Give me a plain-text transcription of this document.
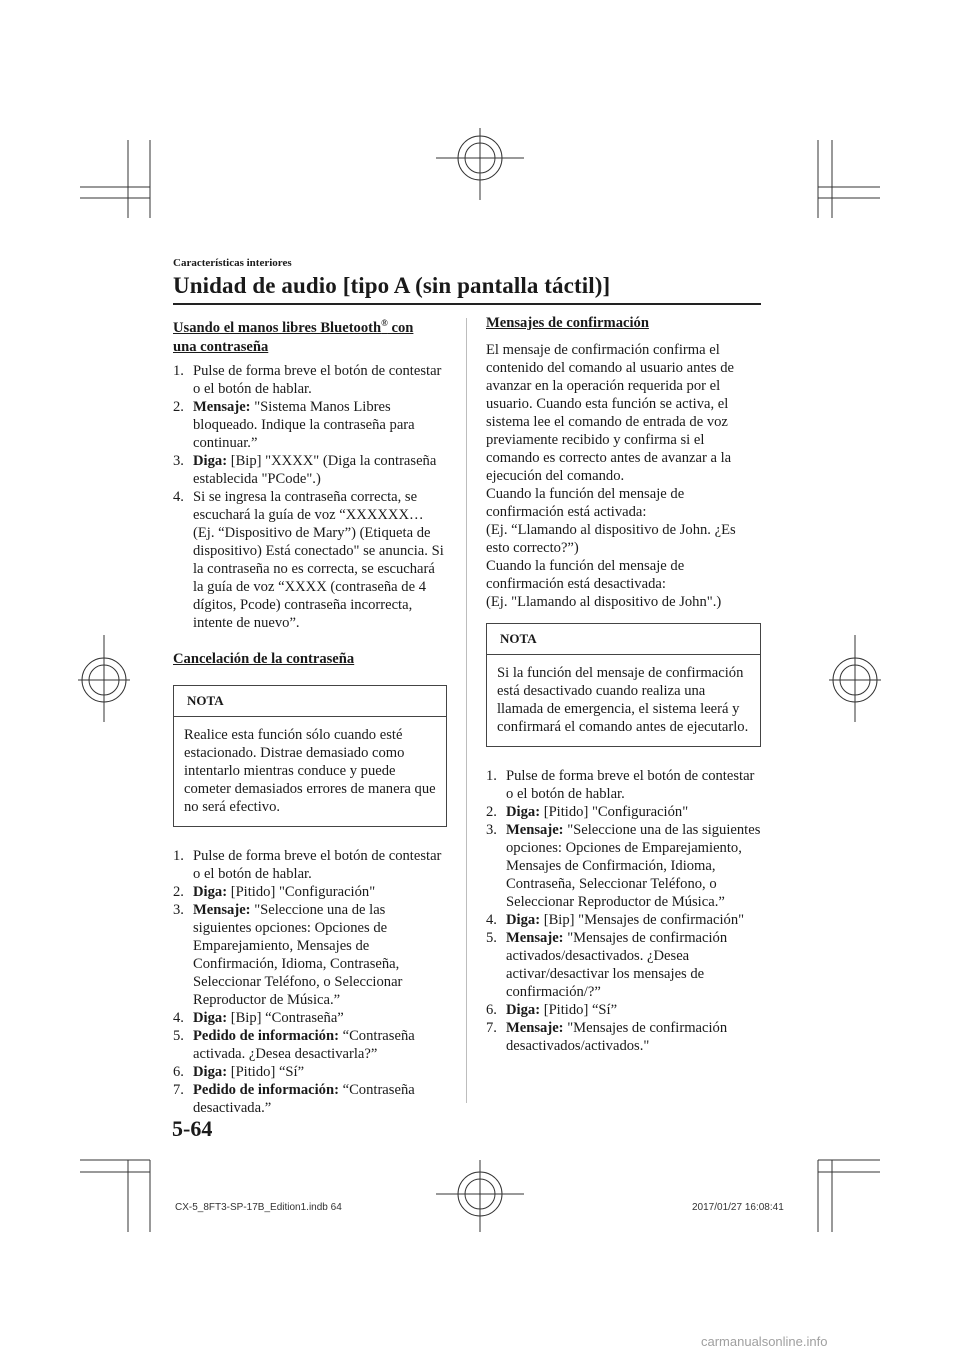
Características interiores
Unidad de audio [tipo A (sin pantalla táctil)]
Usando el manos libres Bluetooth® con
una contraseña
1. Pulse de forma breve el botón de contestar o el botón de hablar.
2. Mensaje: "Sistema Manos Libres bloqueado. Indique la contraseña para continuar.”
3. Diga: [Bip] "XXXX" (Diga la contraseña establecida "PCode".)
4. Si se ingresa la contraseña correcta, se escuchará la guía de voz “XXXXXX… (Ej. “Dispositivo de Mary”) (Etiqueta de dispositivo) Está conectado" se anuncia. Si la contraseña no es correcta, se escuchará la guía de voz “XXXX (contraseña de 4 dígitos, Pcode) contraseña incorrecta, intente de nuevo”.
Cancelación de la contraseña
NOTA
Realice esta función sólo cuando esté estacionado. Distrae demasiado como intentarlo mientras conduce y puede cometer demasiados errores de manera que no será efectivo.
1. Pulse de forma breve el botón de contestar o el botón de hablar.
2. Diga: [Pitido] "Configuración"
3. Mensaje: "Seleccione una de las siguientes opciones: Opciones de Emparejamiento, Mensajes de Confirmación, Idioma, Contraseña, Seleccionar Teléfono, o Seleccionar Reproductor de Música.”
4. Diga: [Bip] “Contraseña”
5. Pedido de información: “Contraseña activada. ¿Desea desactivarla?”
6. Diga: [Pitido] “Sí”
7. Pedido de información: “Contraseña desactivada.”
Mensajes de confirmación

El mensaje de confirmación confirma el contenido del comando al usuario antes de avanzar en la operación requerida por el usuario. Cuando esta función se activa, el sistema lee el comando de entrada de voz previamente recibido y confirma si el comando es correcto antes de avanzar a la ejecución del comando.

Cuando la función del mensaje de confirmación está activada:

(Ej. “Llamando al dispositivo de John. ¿Es esto correcto?”)

Cuando la función del mensaje de confirmación está desactivada:

(Ej. "Llamando al dispositivo de John".)

NOTA
Si la función del mensaje de confirmación está desactivado cuando realiza una llamada de emergencia, el sistema leerá y confirmará el comando antes de ejecutarlo.
1. Pulse de forma breve el botón de contestar o el botón de hablar.
2. Diga: [Pitido] "Configuración"
3. Mensaje: "Seleccione una de las siguientes opciones: Opciones de Emparejamiento, Mensajes de Confirmación, Idioma, Contraseña, Seleccionar Teléfono, o Seleccionar Reproductor de Música.”
4. Diga: [Bip] "Mensajes de confirmación"
5. Mensaje: "Mensajes de confirmación activados/desactivados. ¿Desea activar/desactivar los mensajes de confirmación/?”
6. Diga: [Pitido] “Sí”
7. Mensaje: "Mensajes de confirmación desactivados/activados."
5-64
CX-5_8FT3-SP-17B_Edition1.indb 64	2017/01/27 16:08:41
carmanualsonline.info
